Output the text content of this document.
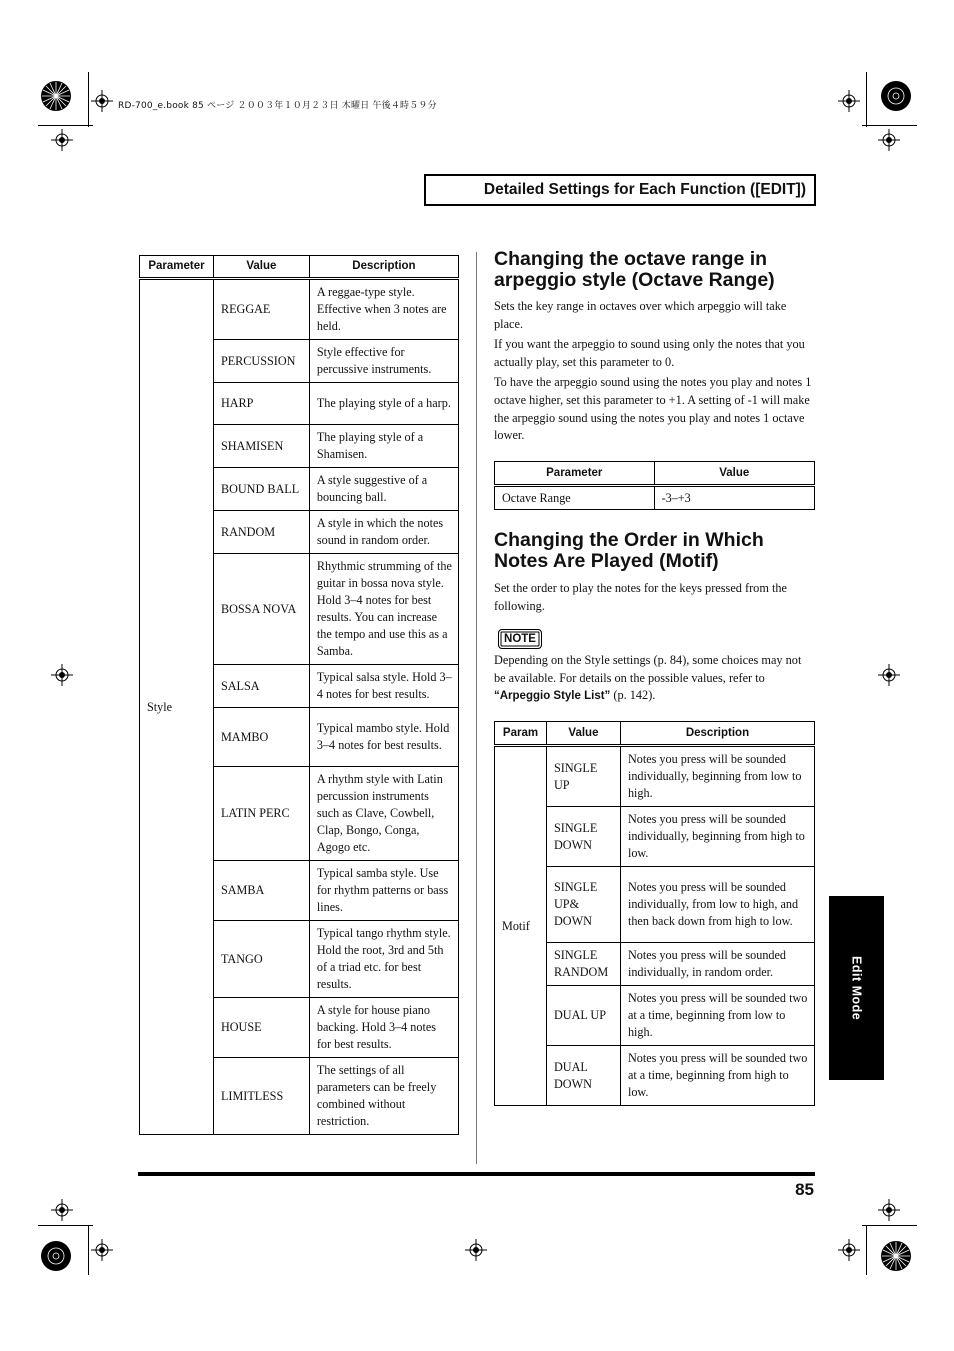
RD-700_e.book 85 ページ ２００３年１０月２３日 木曜日 午後４時５９分
Detailed Settings for Each Function ([EDIT])
Parameter	Value	Description
Style	REGGAE	A reggae-type style. Effective when 3 notes are held.
	PERCUSSION	Style effective for percussive instruments.
	HARP	The playing style of a harp.
	SHAMISEN	The playing style of a Shamisen.
	BOUND BALL	A style suggestive of a bouncing ball.
	RANDOM	A style in which the notes sound in random order.
	BOSSA NOVA	Rhythmic strumming of the guitar in bossa nova style. Hold 3–4 notes for best results. You can increase the tempo and use this as a Samba.
	SALSA	Typical salsa style. Hold 3–4 notes for best results.
	MAMBO	Typical mambo style. Hold 3–4 notes for best results.
	LATIN PERC	A rhythm style with Latin percussion instruments such as Clave, Cowbell, Clap, Bongo, Conga, Agogo etc.
	SAMBA	Typical samba style. Use for rhythm patterns or bass lines.
	TANGO	Typical tango rhythm style. Hold the root, 3rd and 5th of a triad etc. for best results.
	HOUSE	A style for house piano backing. Hold 3–4 notes for best results.
	LIMITLESS	The settings of all parameters can be freely combined without restriction.
Changing the octave range in arpeggio style (Octave Range)

Sets the key range in octaves over which arpeggio will take place.

If you want the arpeggio to sound using only the notes that you actually play, set this parameter to 0.

To have the arpeggio sound using the notes you play and notes 1 octave higher, set this parameter to +1. A setting of -1 will make the arpeggio sound using the notes you play and notes 1 octave lower.

Parameter	Value
Octave Range	-3–+3
Changing the Order in Which Notes Are Played (Motif)

Set the order to play the notes for the keys pressed from the following.

NOTE

Depending on the Style settings (p. 84), some choices may not be available. For details on the possible values, refer to “Arpeggio Style List” (p. 142).

Param	Value	Description
Motif	SINGLE UP	Notes you press will be sounded individually, beginning from low to high.
	SINGLE DOWN	Notes you press will be sounded individually, beginning from high to low.
	SINGLE UP& DOWN	Notes you press will be sounded individually, from low to high, and then back down from high to low.
	SINGLE RANDOM	Notes you press will be sounded individually, in random order.
	DUAL UP	Notes you press will be sounded two at a time, beginning from low to high.
	DUAL DOWN	Notes you press will be sounded two at a time, beginning from high to low.
Edit Mode
85
